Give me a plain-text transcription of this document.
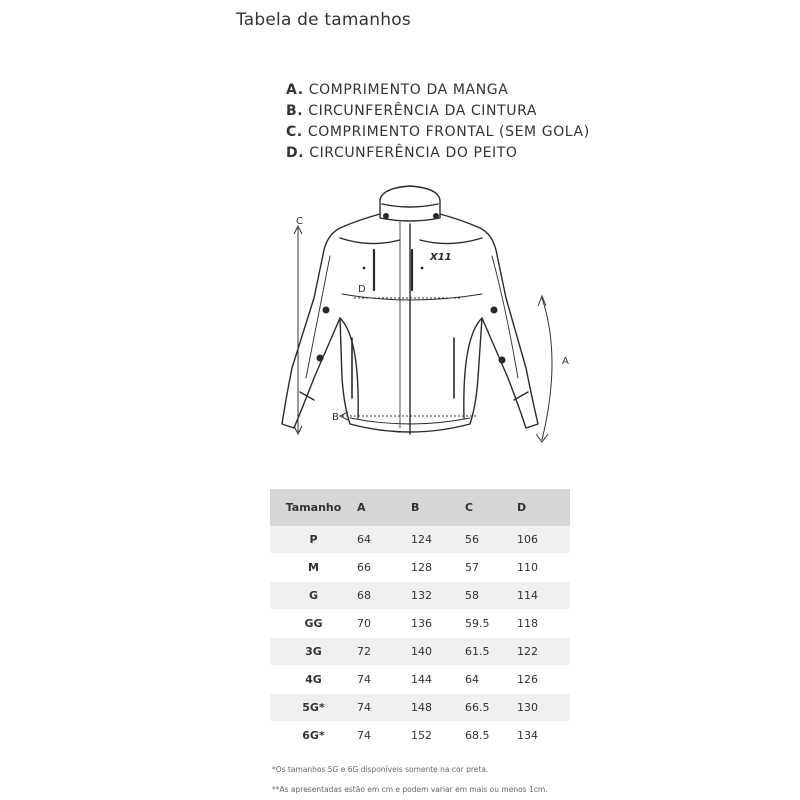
Tabela de tamanhos
A. COMPRIMENTO DA MANGA
B. CIRCUNFERÊNCIA DA CINTURA
C. COMPRIMENTO FRONTAL (SEM GOLA)
D. CIRCUNFERÊNCIA DO PEITO
X11
C
D
B
A
Tamanho	A	B	C	D
P	64	124	56	106
M	66	128	57	110
G	68	132	58	114
GG	70	136	59.5	118
3G	72	140	61.5	122
4G	74	144	64	126
5G*	74	148	66.5	130
6G*	74	152	68.5	134
*Os tamanhos 5G e 6G disponíveis somente na cor preta.
**As apresentadas estão em cm e podem variar em mais ou menos 1cm.
